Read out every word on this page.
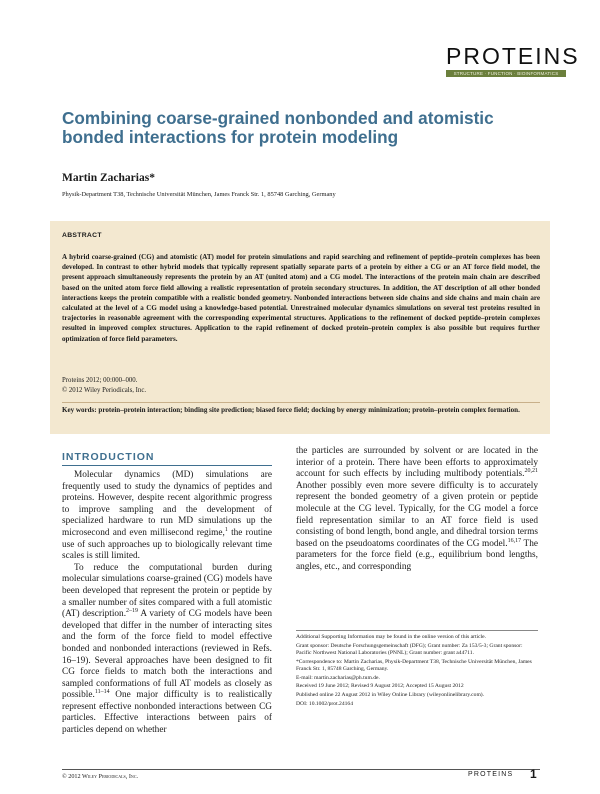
PROTEINS
STRUCTURE · FUNCTION · BIOINFORMATICS
Combining coarse-grained nonbonded and atomistic bonded interactions for protein modeling
Martin Zacharias*
Physik-Department T38, Technische Universität München, James Franck Str. 1, 85748 Garching, Germany
ABSTRACT

A hybrid coarse-grained (CG) and atomistic (AT) model for protein simulations and rapid searching and refinement of peptide–protein complexes has been developed. In contrast to other hybrid models that typically represent spatially separate parts of a protein by either a CG or an AT force field model, the present approach simultaneously represents the protein by an AT (united atom) and a CG model. The interactions of the protein main chain are described based on the united atom force field allowing a realistic representation of protein secondary structures. In addition, the AT description of all other bonded interactions keeps the protein compatible with a realistic bonded geometry. Nonbonded interactions between side chains and side chains and main chain are calculated at the level of a CG model using a knowledge-based potential. Unrestrained molecular dynamics simulations on several test proteins resulted in trajectories in reasonable agreement with the corresponding experimental structures. Applications to the refinement of docked peptide–protein complexes resulted in improved complex structures. Application to the rapid refinement of docked protein–protein complex is also possible but requires further optimization of force field parameters.

Proteins 2012; 00:000–000.
© 2012 Wiley Periodicals, Inc.

Key words: protein–protein interaction; binding site prediction; biased force field; docking by energy minimization; protein–protein complex formation.

INTRODUCTION

Molecular dynamics (MD) simulations are frequently used to study the dynamics of peptides and proteins. However, despite recent algorithmic progress to improve sampling and the development of specialized hardware to run MD simulations up the microsecond and even millisecond regime,$^1$ the routine use of such approaches up to biologically relevant time scales is still limited.

To reduce the computational burden during molecular simulations coarse-grained (CG) models have been developed that represent the protein or peptide by a smaller number of sites compared with a full atomistic (AT) description.$^{2-19}$ A variety of CG models have been developed that differ in the number of interacting sites and the form of the force field to model effective bonded and nonbonded interactions (reviewed in Refs. 16–19). Several approaches have been designed to fit CG force fields to match both the interactions and sampled conformations of full AT models as closely as possible.$^{11-14}$ One major difficulty is to realistically represent effective nonbonded interactions between CG particles. Effective interactions between pairs of particles depend on whether

the particles are surrounded by solvent or are located in the interior of a protein. There have been efforts to approximately account for such effects by including multibody potentials.$^{20,21}$ Another possibly even more severe difficulty is to accurately represent the bonded geometry of a given protein or peptide molecule at the CG level. Typically, for the CG model a force field representation similar to an AT force field is used consisting of bond length, bond angle, and dihedral torsion terms based on the pseudoatoms coordinates of the CG model.$^{16,17}$ The parameters for the force field (e.g., equilibrium bond lengths, angles, etc., and corresponding

Additional Supporting Information may be found in the online version of this article.
Grant sponsor: Deutsche Forschungsgemeinschaft (DFG); Grant number: Za 153/5-3; Grant sponsor: Pacific Northwest National Laboratories (PNNL); Grant number: grant a44711.
*Correspondence to: Martin Zacharias, Physik-Department T38, Technische Universität München, James Franck Str. 1, 85748 Garching, Germany.
E-mail: martin.zacharias@ph.tum.de.
Received 19 June 2012; Revised 9 August 2012; Accepted 15 August 2012
Published online 22 August 2012 in Wiley Online Library (wileyonlinelibrary.com).
DOI: 10.1002/prot.24164
© 2012 Wiley Periodicals, Inc.	PROTEINS 1
